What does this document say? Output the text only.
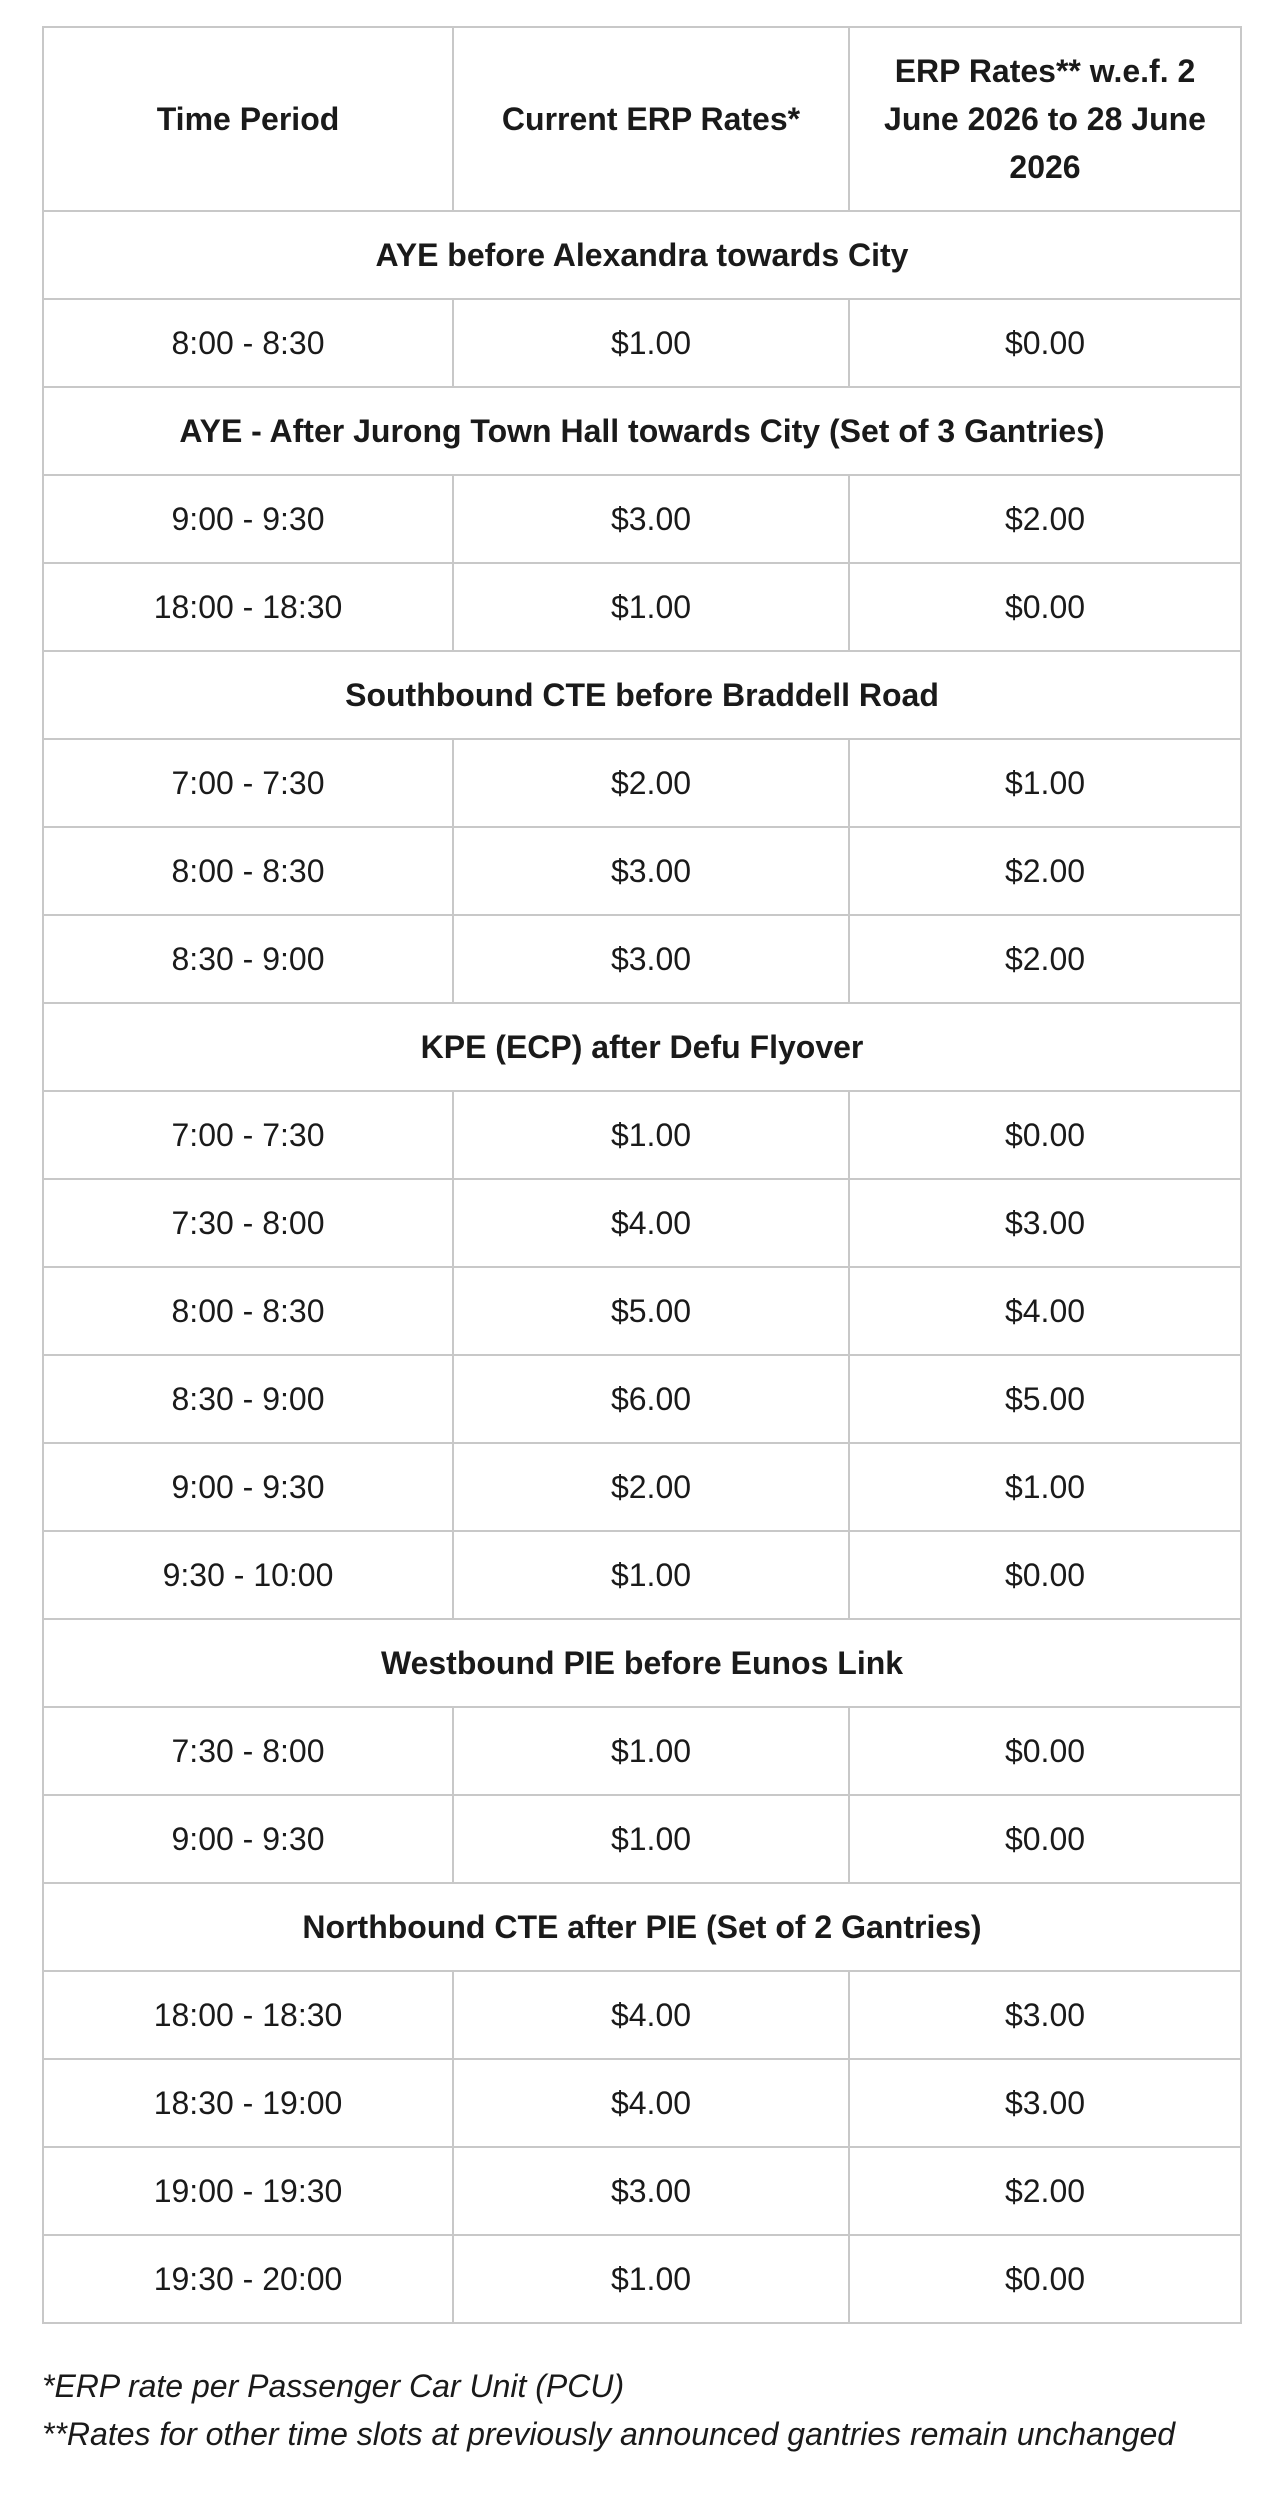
Time Period	Current ERP Rates*	ERP Rates** w.e.f. 2 June 2026 to 28 June 2026
AYE before Alexandra towards City		
8:00 - 8:30	$1.00	$0.00
AYE - After Jurong Town Hall towards City (Set of 3 Gantries)		
9:00 - 9:30	$3.00	$2.00
18:00 - 18:30	$1.00	$0.00
Southbound CTE before Braddell Road		
7:00 - 7:30	$2.00	$1.00
8:00 - 8:30	$3.00	$2.00
8:30 - 9:00	$3.00	$2.00
KPE (ECP) after Defu Flyover		
7:00 - 7:30	$1.00	$0.00
7:30 - 8:00	$4.00	$3.00
8:00 - 8:30	$5.00	$4.00
8:30 - 9:00	$6.00	$5.00
9:00 - 9:30	$2.00	$1.00
9:30 - 10:00	$1.00	$0.00
Westbound PIE before Eunos Link		
7:30 - 8:00	$1.00	$0.00
9:00 - 9:30	$1.00	$0.00
Northbound CTE after PIE (Set of 2 Gantries)		
18:00 - 18:30	$4.00	$3.00
18:30 - 19:00	$4.00	$3.00
19:00 - 19:30	$3.00	$2.00
19:30 - 20:00	$1.00	$0.00

*ERP rate per Passenger Car Unit (PCU)

**Rates for other time slots at previously announced gantries remain unchanged
